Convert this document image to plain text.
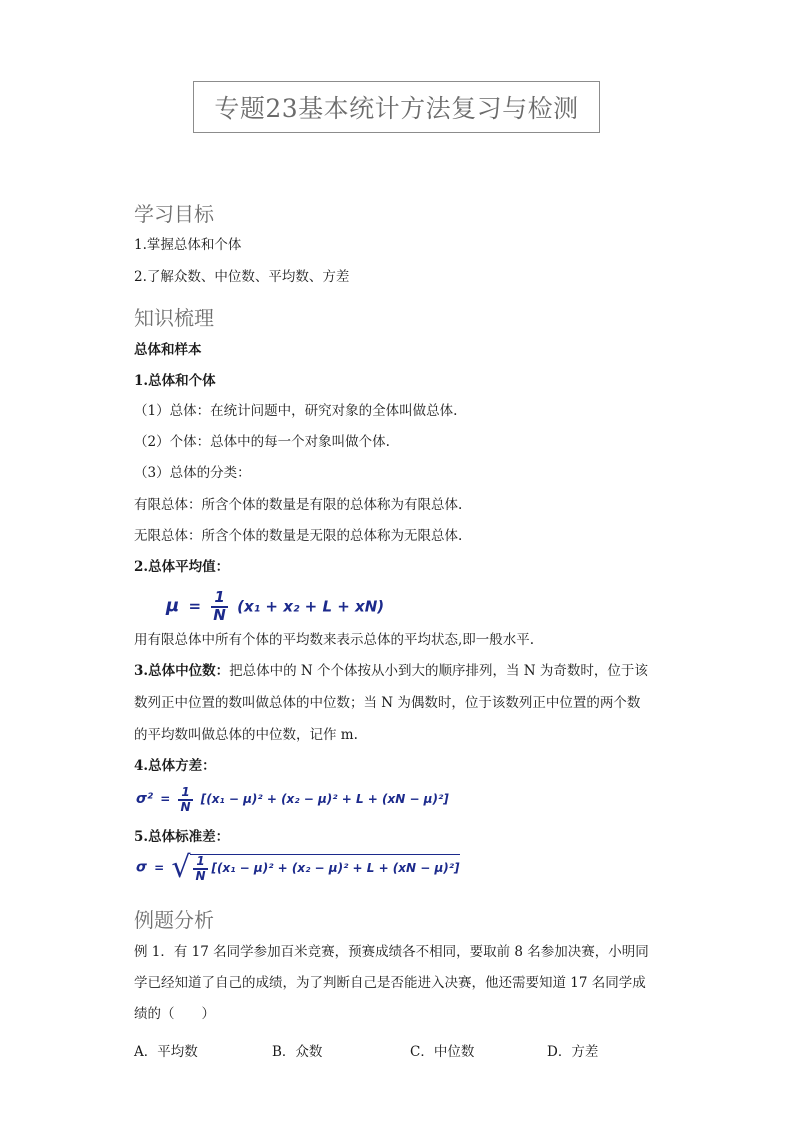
专题23基本统计方法复习与检测
学习目标
1.掌握总体和个体
2.了解众数、中位数、平均数、方差
知识梳理
总体和样本
1.总体和个体
（1）总体：在统计问题中，研究对象的全体叫做总体.
（2）个体：总体中的每一个对象叫做个体.
（3）总体的分类：
有限总体：所含个体的数量是有限的总体称为有限总体.
无限总体：所含个体的数量是无限的总体称为无限总体.
2.总体平均值：
$\mu = \frac{1}{N} (x_1 + x_2 + L + xN)$
用有限总体中所有个体的平均数来表示总体的平均状态,即一般水平.
3.总体中位数：把总体中的 N 个个体按从小到大的顺序排列，当 N 为奇数时，位于该
数列正中位置的数叫做总体的中位数；当 N 为偶数时，位于该数列正中位置的两个数
的平均数叫做总体的中位数，记作 m.
4.总体方差：
$\sigma^2 = \frac{1}{N} [(x_1 - \mu)^2 + (x_2 - \mu)^2 + L + (xN - \mu)^2]$
5.总体标准差：
σ = √ $\frac{1}{N} [(x_1 - \mu)^2 + (x_2 - \mu)^2 + L + (xN - \mu)^2]$
例题分析
例 1．有 17 名同学参加百米竞赛，预赛成绩各不相同，要取前 8 名参加决赛，小明同
学已经知道了自己的成绩，为了判断自己是否能进入决赛，他还需要知道 17 名同学成
绩的（　　）
A．平均数	B．众数	C．中位数	D．方差
